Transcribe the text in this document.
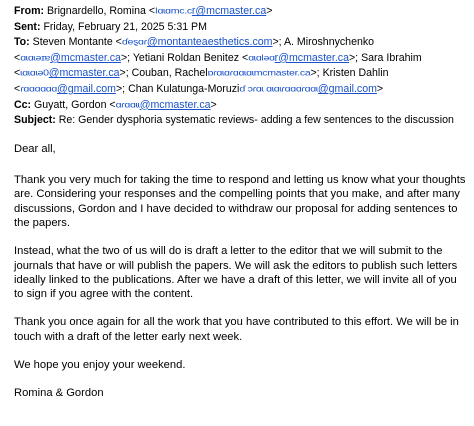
From: Brignardello, Romina <ǀɑɩɑmc.cr@mcmaster.ca>
Sent: Friday, February 21, 2025 5:31 PM
To: Steven Montante <ɗeȿɑɾ@montanteaesthetics.com>; A. Miroshnychenko
<ɑɩɑɩəɪɐ@mcmaster.ca>; Yetiani Roldan Benitez <ɑɩɑləɑr@mcmaster.ca>; Sara Ibrahim
<ɩɑɩɑɩə0@mcmaster.ca>; Couban, Rachelɒɾɑɩɑɾɑɑɩɑɩmcmaster.ca>; Kristen Dahlin
<ɾɑɑɑɑɑɑ@gmail.com>; Chan Kulatunga-Moruziɗ ɔɾɑɩ ɑɩɑɩɾɑɑɑɾɑɑɩ@gmail.com>
Cc: Guyatt, Gordon <ɑɾɑɑɩɩ@mcmaster.ca>
Subject: Re: Gender dysphoria systematic reviews- adding a few sentences to the discussion

Dear all,

Thank you very much for taking the time to respond and letting us know what your thoughts are. Considering your responses and the compelling points that you make, and after many discussions, Gordon and I have decided to withdraw our proposal for adding sentences to the papers.

Instead, what the two of us will do is draft a letter to the editor that we will submit to the journals that have or will publish the papers. We will ask the editors to publish such letters ideally linked to the publications. After we have a draft of this letter, we will invite all of you to sign if you agree with the content.

Thank you once again for all the work that you have contributed to this effort. We will be in touch with a draft of the letter early next week.

We hope you enjoy your weekend.

Romina & Gordon
